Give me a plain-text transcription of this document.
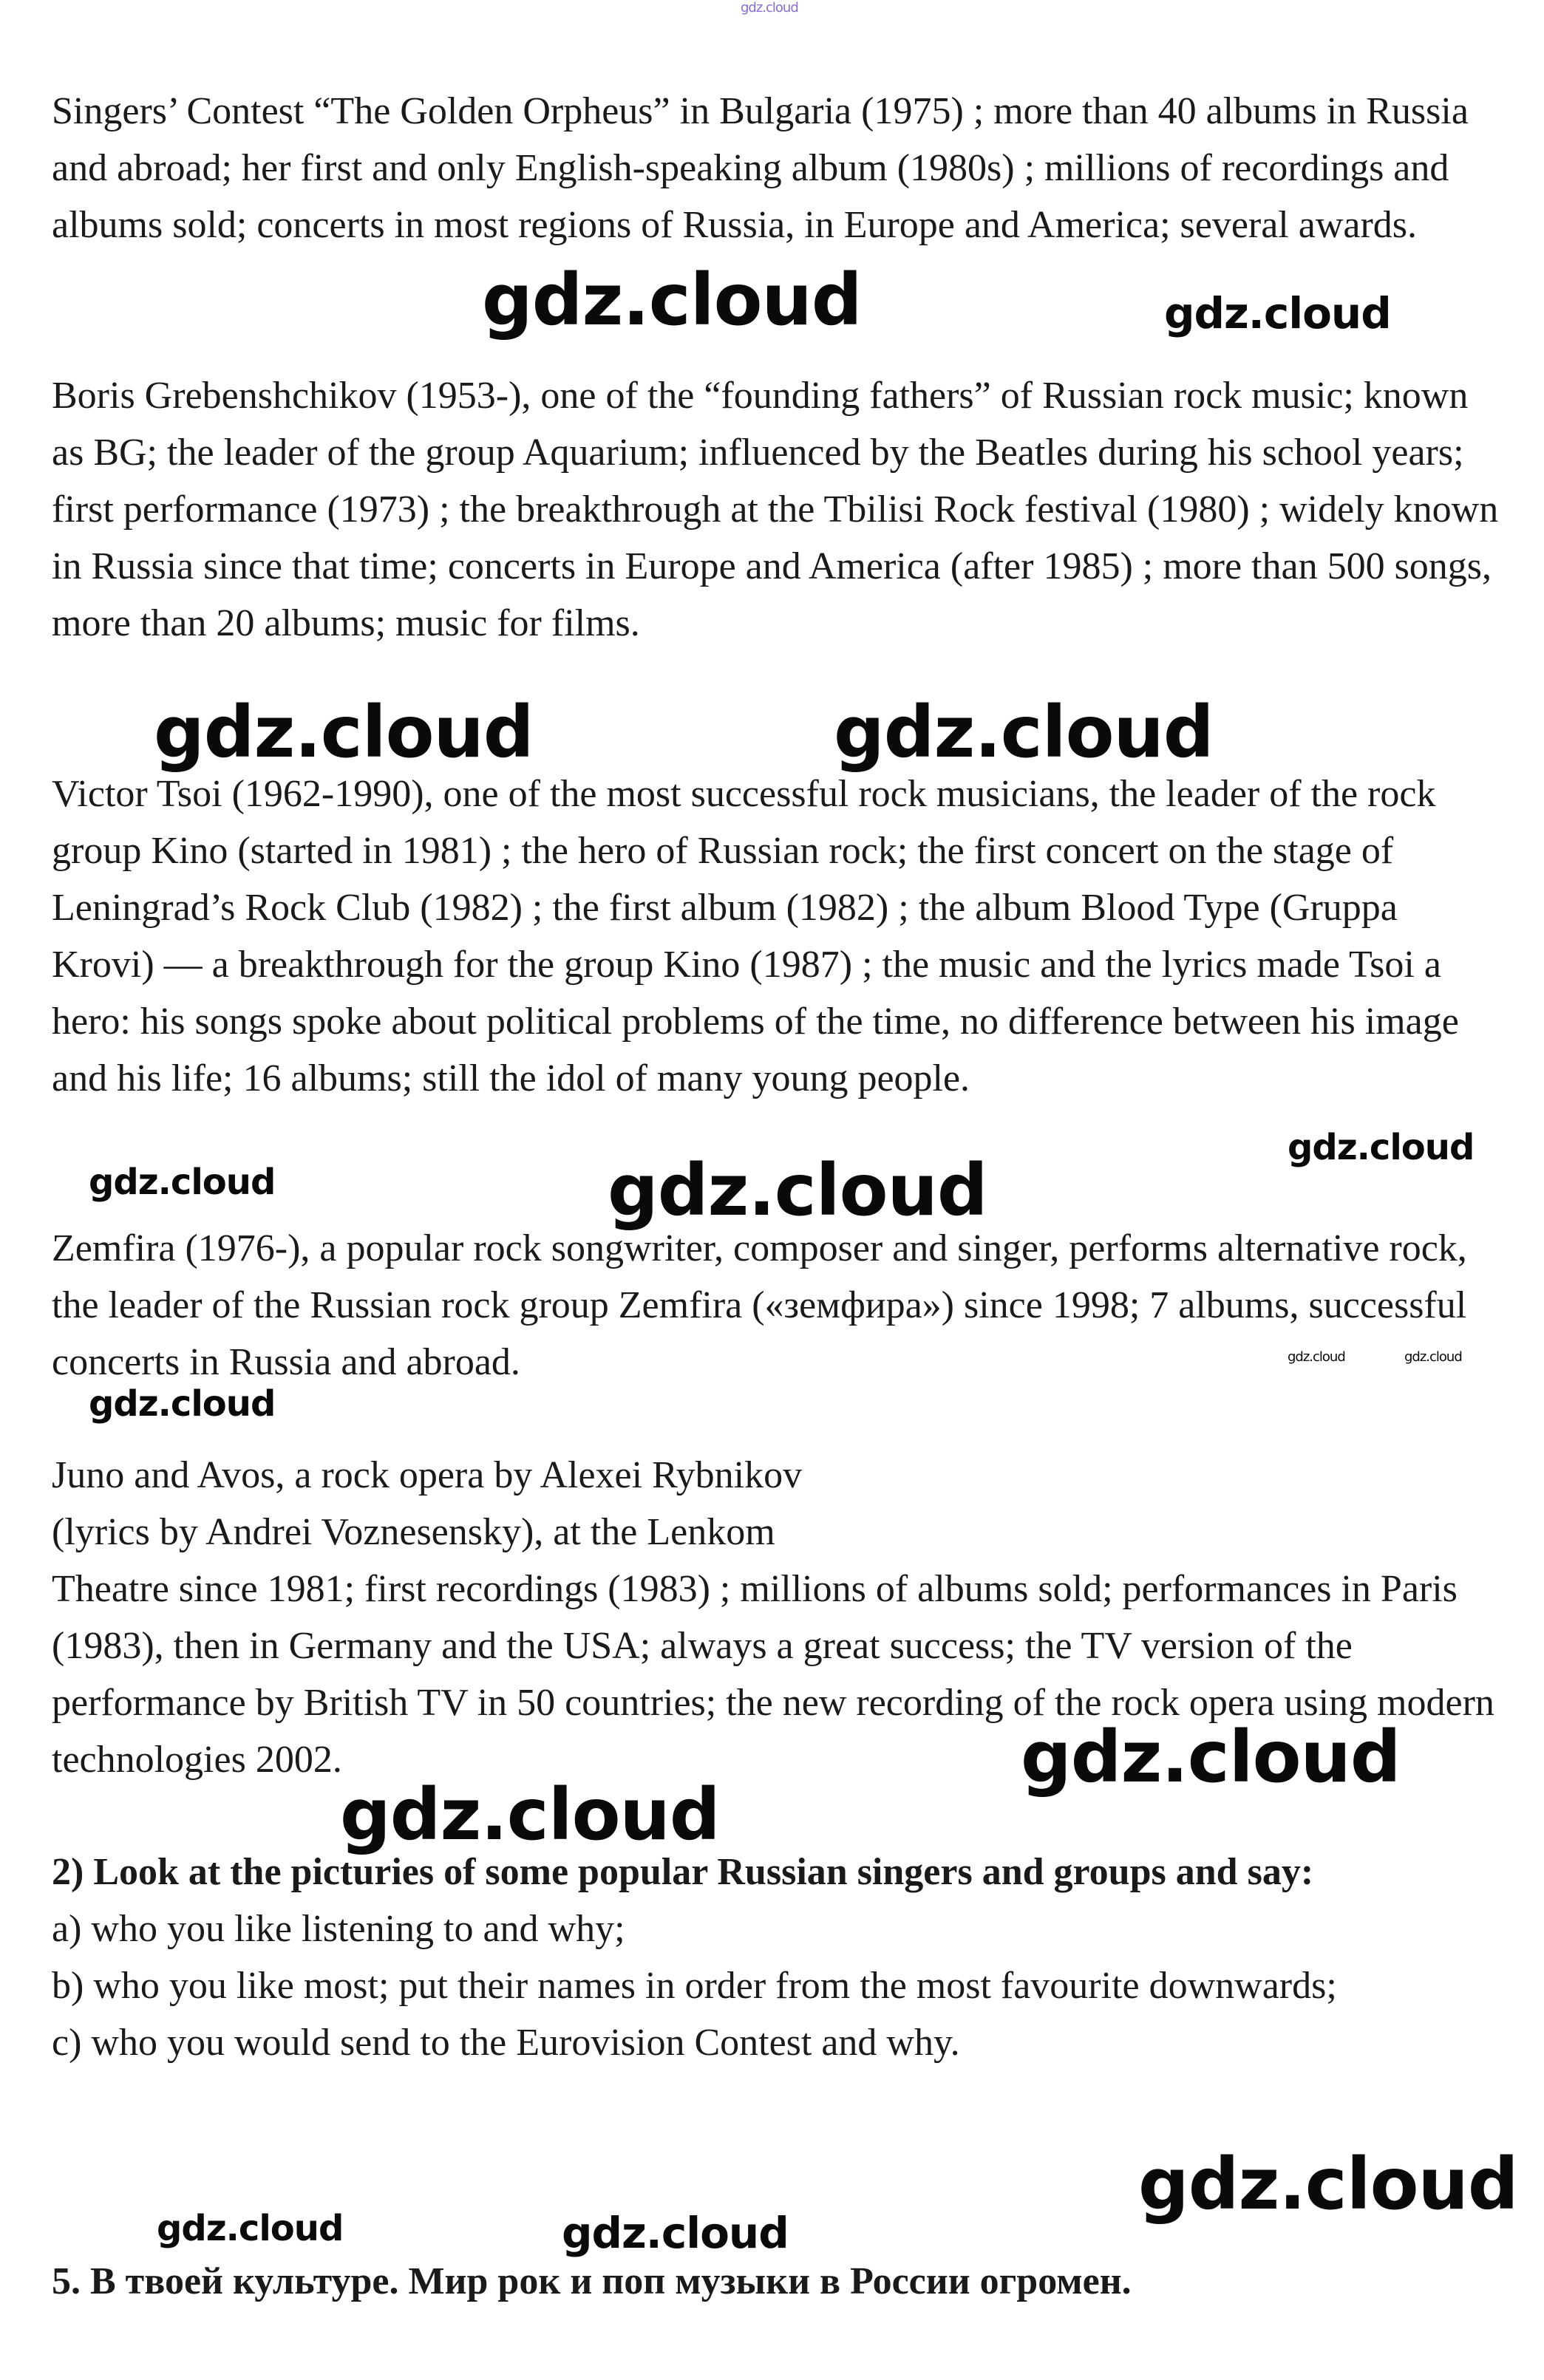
gdz.cloud

Singers’ Contest “The Golden Orpheus” in Bulgaria (1975) ; more than 40 albums in Russia and abroad; her first and only English-speaking album (1980s) ; millions of recordings and albums sold; concerts in most regions of Russia, in Europe and America; several awards.

Boris Grebenshchikov (1953-), one of the “founding fathers” of Russian rock music; known as BG; the leader of the group Aquarium; influenced by the Beatles during his school years; first performance (1973) ; the breakthrough at the Tbilisi Rock festival (1980) ; widely known in Russia since that time; concerts in Europe and America (after 1985) ; more than 500 songs, more than 20 albums; music for films.

Victor Tsoi (1962-1990), one of the most successful rock musicians, the leader of the rock group Kino (started in 1981) ; the hero of Russian rock; the first concert on the stage of Leningrad’s Rock Club (1982) ; the first album (1982) ; the album Blood Type (Gruppa Krovi) — a breakthrough for the group Kino (1987) ; the music and the lyrics made Tsoi a hero: his songs spoke about political problems of the time, no difference between his image and his life; 16 albums; still the idol of many young people.

Zemfira (1976-), a popular rock songwriter, composer and singer, performs alternative rock, the leader of the Russian rock group Zemfira («земфира») since 1998; 7 albums, successful concerts in Russia and abroad.

Juno and Avos, a rock opera by Alexei Rybnikov
(lyrics by Andrei Voznesensky), at the Lenkom
Theatre since 1981; first recordings (1983) ; millions of albums sold; performances in Paris (1983), then in Germany and the USA; always a great success; the TV version of the performance by British TV in 50 countries; the new recording of the rock opera using modern technologies 2002.
2) Look at the picturies of some popular Russian singers and groups and say:
a) who you like listening to and why;
b) who you like most; put their names in order from the most favourite downwards;
c) who you would send to the Eurovision Contest and why.
5. В твоей культуре. Мир рок и поп музыки в России огромен.
gdz.cloud	gdz.cloud
gdz.cloud	gdz.cloud
gdz.cloud
gdz.cloud	gdz.cloud
gdz.cloud	gdz.cloud
gdz.cloud
gdz.cloud
gdz.cloud
gdz.cloud
gdz.cloud	gdz.cloud
